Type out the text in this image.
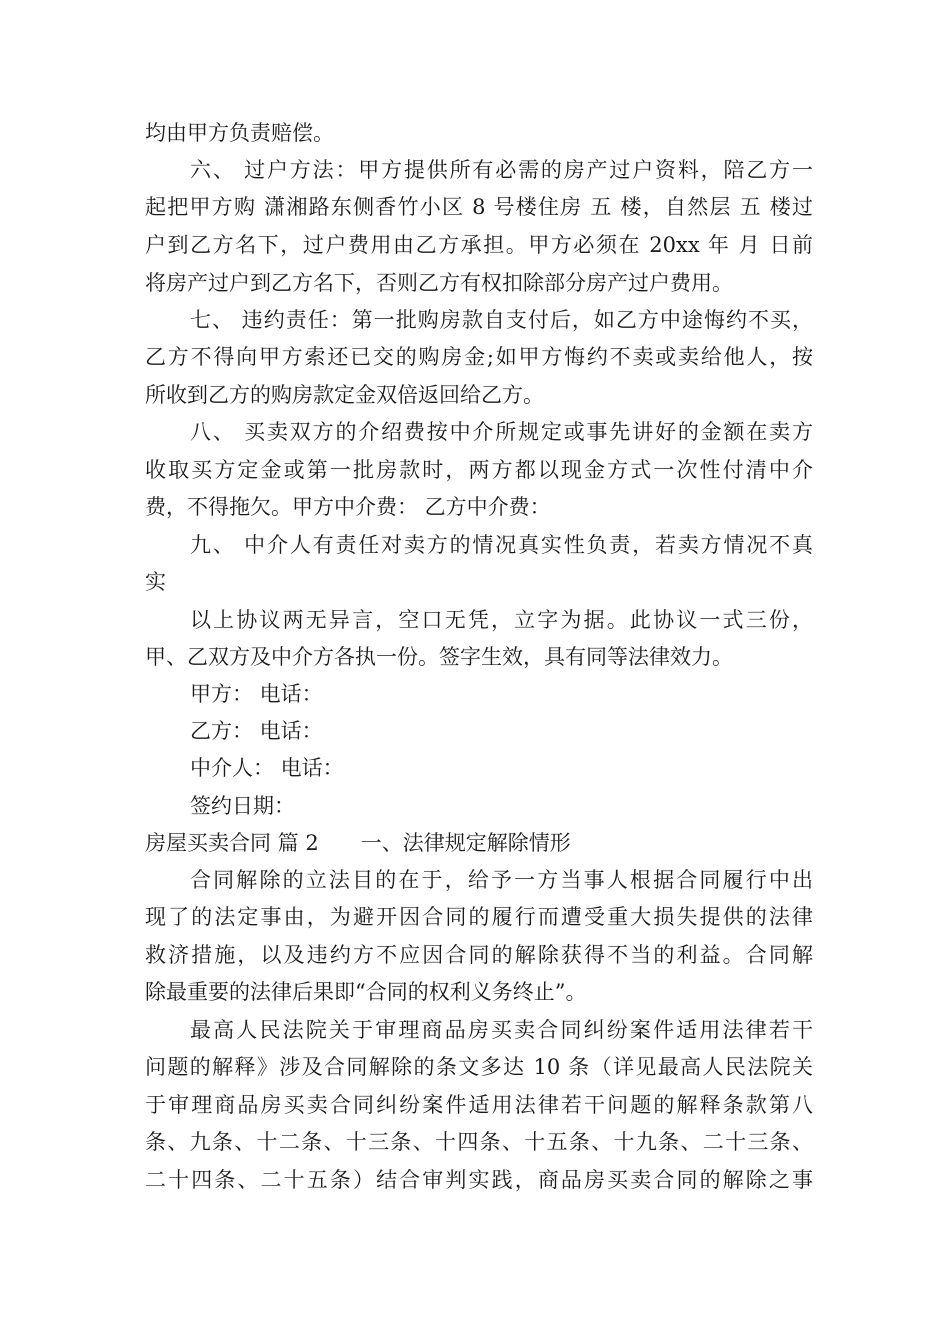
均由甲方负责赔偿。
六、 过户方法：甲方提供所有必需的房产过户资料，陪乙方一
起把甲方购 潇湘路东侧香竹小区 8 号楼住房 五 楼，自然层 五 楼过
户到乙方名下，过户费用由乙方承担。甲方必须在 20xx 年 月 日前
将房产过户到乙方名下，否则乙方有权扣除部分房产过户费用。
七、 违约责任：第一批购房款自支付后，如乙方中途悔约不买，
乙方不得向甲方索还已交的购房金;如甲方悔约不卖或卖给他人，按
所收到乙方的购房款定金双倍返回给乙方。
八、 买卖双方的介绍费按中介所规定或事先讲好的金额在卖方
收取买方定金或第一批房款时，两方都以现金方式一次性付清中介
费，不得拖欠。甲方中介费： 乙方中介费：
九、 中介人有责任对卖方的情况真实性负责，若卖方情况不真
实
以上协议两无异言，空口无凭，立字为据。此协议一式三份，
甲、乙双方及中介方各执一份。签字生效，具有同等法律效力。
甲方： 电话：
乙方： 电话：
中介人： 电话：
签约日期：
房屋买卖合同 篇 2　　一、法律规定解除情形
合同解除的立法目的在于，给予一方当事人根据合同履行中出
现了的法定事由，为避开因合同的履行而遭受重大损失提供的法律
救济措施，以及违约方不应因合同的解除获得不当的利益。合同解
除最重要的法律后果即“合同的权利义务终止”。
最高人民法院关于审理商品房买卖合同纠纷案件适用法律若干
问题的解释》涉及合同解除的条文多达 10 条（详见最高人民法院关
于审理商品房买卖合同纠纷案件适用法律若干问题的解释条款第八
条、九条、十二条、十三条、十四条、十五条、十九条、二十三条、
二十四条、二十五条）结合审判实践，商品房买卖合同的解除之事
